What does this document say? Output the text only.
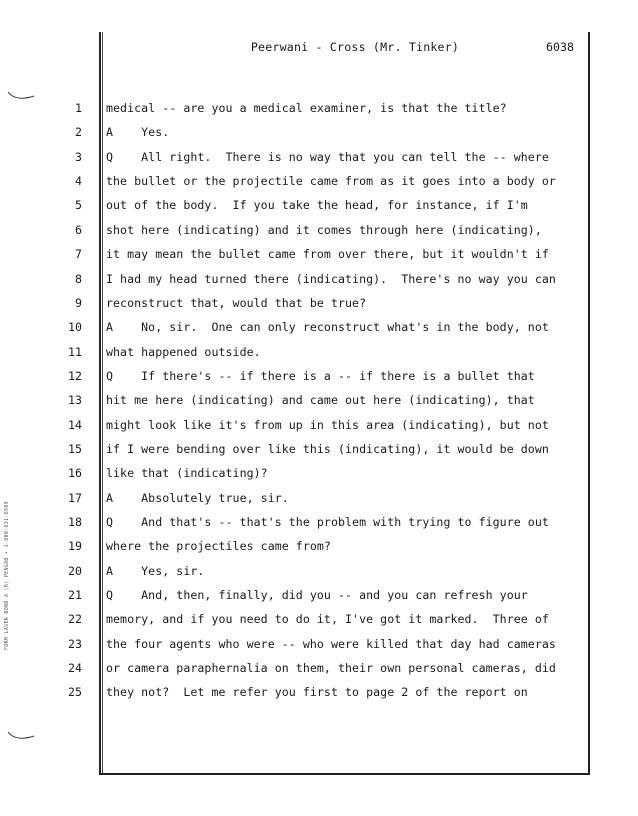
Peerwani - Cross (Mr. Tinker)	6038
1 medical -- are you a medical examiner, is that the title?
2 A    Yes.
3 Q    All right.  There is no way that you can tell the -- where
4 the bullet or the projectile came from as it goes into a body or
5 out of the body.  If you take the head, for instance, if I'm
6 shot here (indicating) and it comes through here (indicating),
7 it may mean the bullet came from over there, but it wouldn't if
8 I had my head turned there (indicating).  There's no way you can
9 reconstruct that, would that be true?
10 A    No, sir.  One can only reconstruct what's in the body, not
11 what happened outside.
12 Q    If there's -- if there is a -- if there is a bullet that
13 hit me here (indicating) and came out here (indicating), that
14 might look like it's from up in this area (indicating), but not
15 if I were bending over like this (indicating), it would be down
16 like that (indicating)?
17 A    Absolutely true, sir.
18 Q    And that's -- that's the problem with trying to figure out
19 where the projectiles came from?
20 A    Yes, sir.
21 Q    And, then, finally, did you -- and you can refresh your
22 memory, and if you need to do it, I've got it marked.  Three of
23 the four agents who were -- who were killed that day had cameras
24 or camera paraphernalia on them, their own personal cameras, did
25 they not?  Let me refer you first to page 2 of the report on
FORM LASER BOND A (R) PENGAD • 1-800-631-6989
